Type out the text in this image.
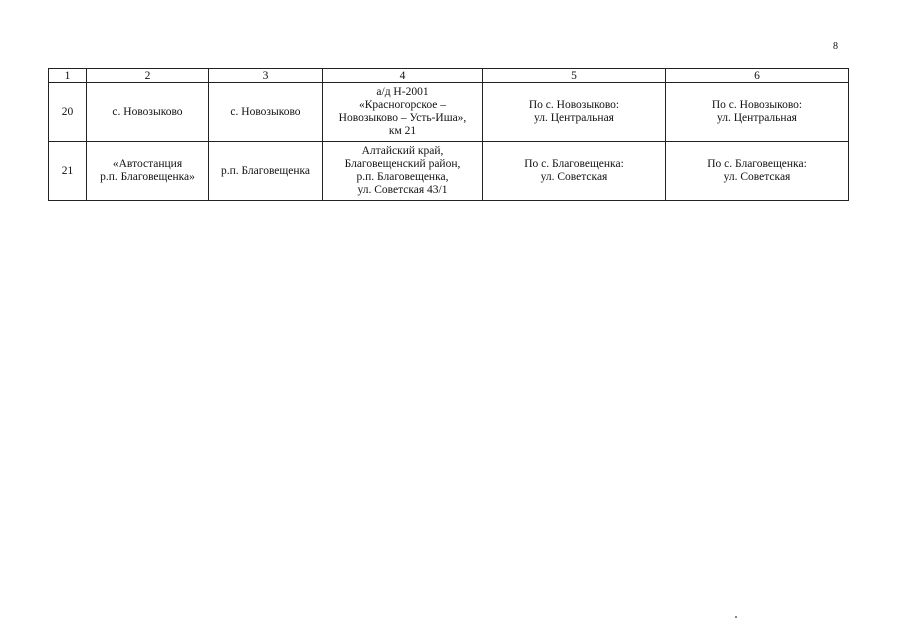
8
1	2	3	4	5	6
20	с. Новозыково	с. Новозыково	а/д Н-2001
«Красногорское –
Новозыково – Усть-Иша»,
км 21	По с. Новозыково:
ул. Центральная	По с. Новозыково:
ул. Центральная
21	«Автостанция
р.п. Благовещенка»	р.п. Благовещенка	Алтайский край,
Благовещенский район,
р.п. Благовещенка,
ул. Советская 43/1	По с. Благовещенка:
ул. Советская	По с. Благовещенка:
ул. Советская
